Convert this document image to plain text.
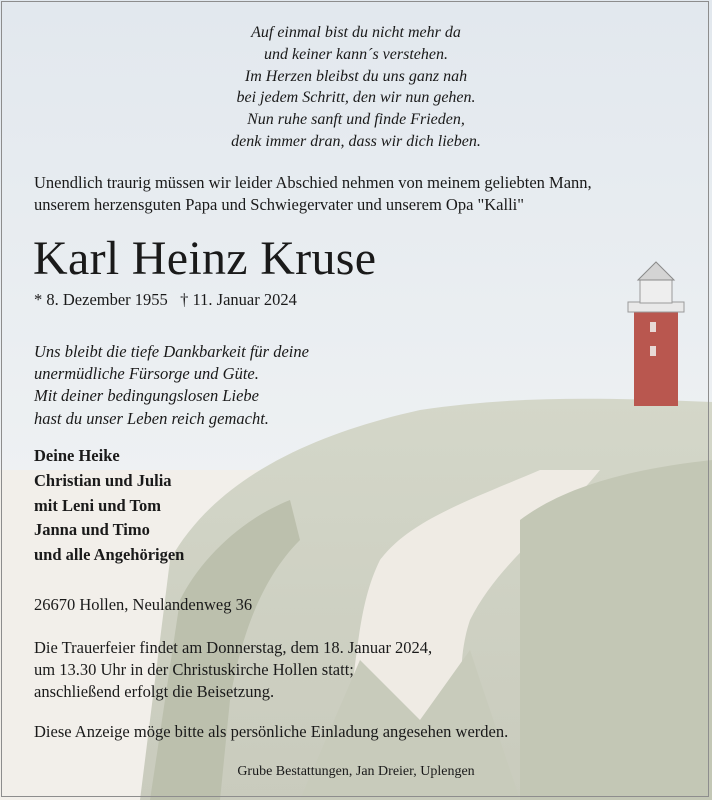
Auf einmal bist du nicht mehr da
und keiner kann´s verstehen.
Im Herzen bleibst du uns ganz nah
bei jedem Schritt, den wir nun gehen.
Nun ruhe sanft und finde Frieden,
denk immer dran, dass wir dich lieben.
Unendlich traurig müssen wir leider Abschied nehmen von meinem geliebten Mann,
unserem herzensguten Papa und Schwiegervater und unserem Opa "Kalli"
Karl Heinz Kruse
* 8. Dezember 1955   † 11. Januar 2024
Uns bleibt die tiefe Dankbarkeit für deine
unermüdliche Fürsorge und Güte.
Mit deiner bedingungslosen Liebe
hast du unser Leben reich gemacht.
Deine Heike
Christian und Julia
mit Leni und Tom
Janna und Timo
und alle Angehörigen
26670 Hollen, Neulandenweg 36
Die Trauerfeier findet am Donnerstag, dem 18. Januar 2024,
um 13.30 Uhr in der Christuskirche Hollen statt;
anschließend erfolgt die Beisetzung.
Diese Anzeige möge bitte als persönliche Einladung angesehen werden.
Grube Bestattungen, Jan Dreier, Uplengen
